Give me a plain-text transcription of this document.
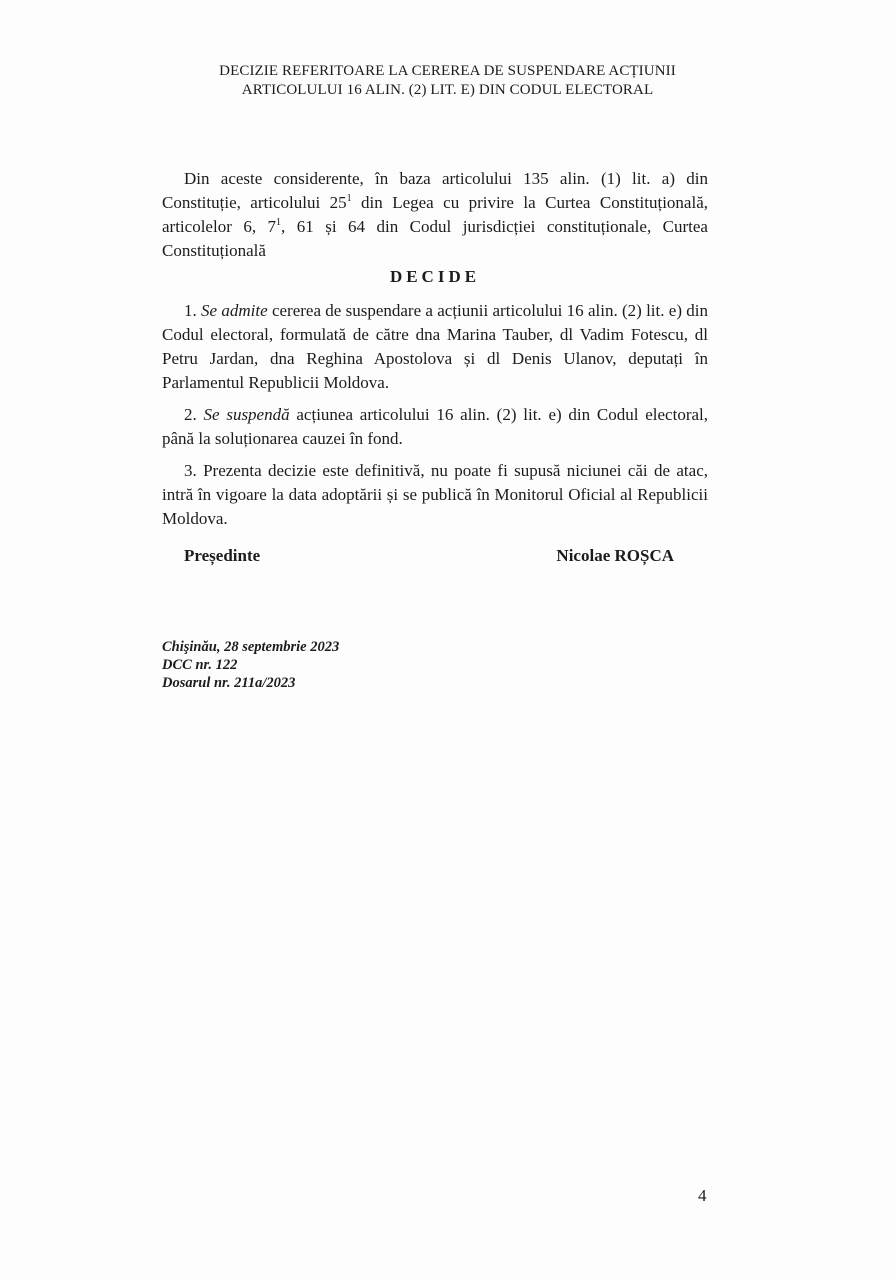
DECIZIE REFERITOARE LA CEREREA DE SUSPENDARE ACȚIUNII
ARTICOLULUI 16 ALIN. (2) LIT. E) DIN CODUL ELECTORAL

Din aceste considerente, în baza articolului 135 alin. (1) lit. a) din Constituție, articolului $25^1$ din Legea cu privire la Curtea Constituțională, articolelor 6, $7^1$, 61 și 64 din Codul jurisdicției constituționale, Curtea Constituțională

DECIDE

1. Se admite cererea de suspendare a acțiunii articolului 16 alin. (2) lit. e) din Codul electoral, formulată de către dna Marina Tauber, dl Vadim Fotescu, dl Petru Jardan, dna Reghina Apostolova și dl Denis Ulanov, deputați în Parlamentul Republicii Moldova.

2. Se suspendă acțiunea articolului 16 alin. (2) lit. e) din Codul electoral, până la soluționarea cauzei în fond.

3. Prezenta decizie este definitivă, nu poate fi supusă niciunei căi de atac, intră în vigoare la data adoptării și se publică în Monitorul Oficial al Republicii Moldova.

Președinte	Nicolae ROȘCA
Chişinău, 28 septembrie 2023
DCC nr. 122
Dosarul nr. 211a/2023
4
